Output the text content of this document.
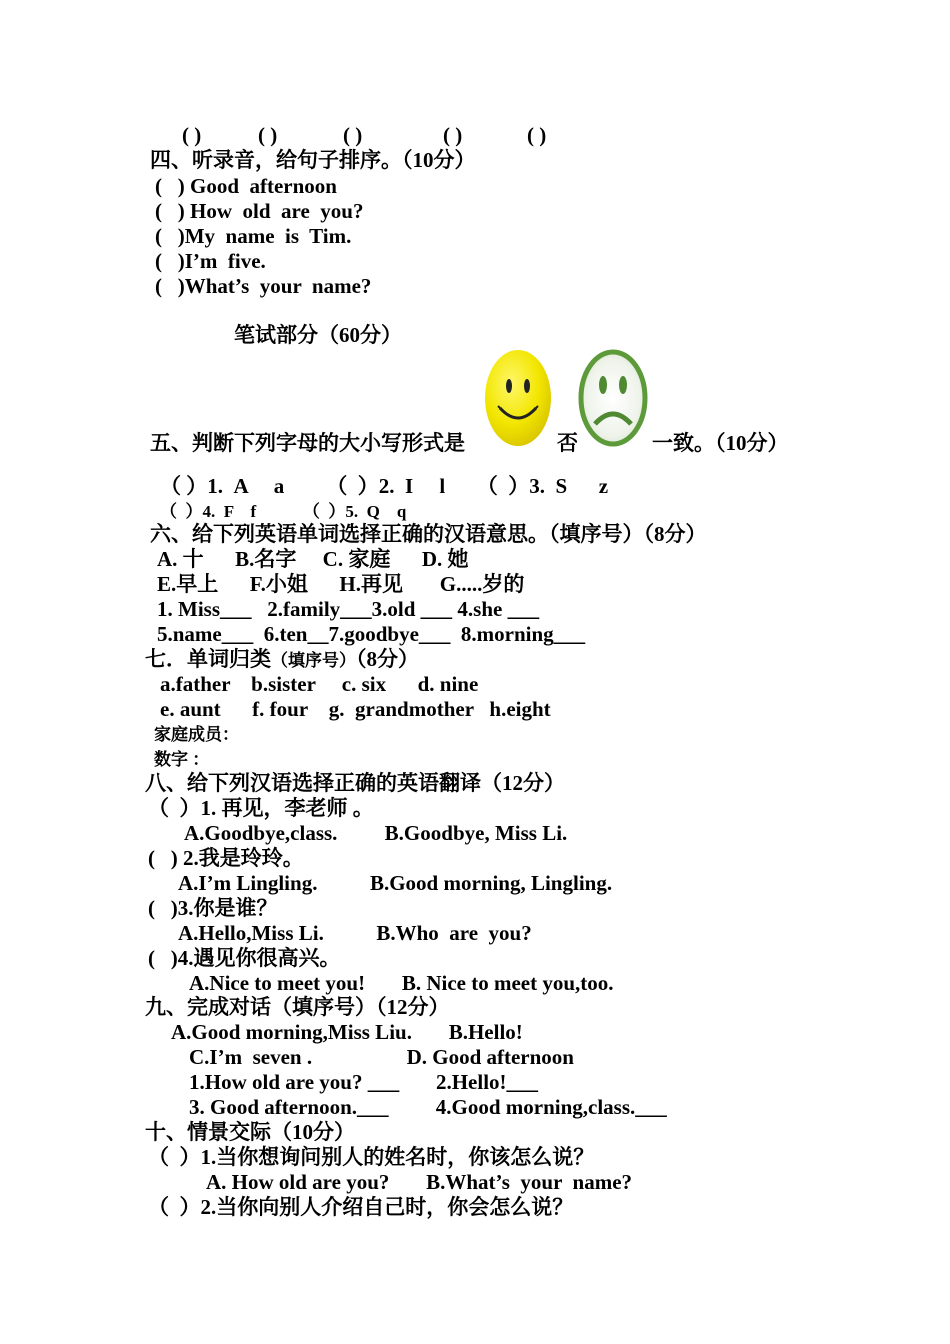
( )	( )	( )	( )	( )
四、听录音，给句子排序。（10分）
(   ) Good  afternoon
(   ) How  old  are  you?
(   )My  name  is  Tim.
(   )I’m  five.
(   )What’s  your  name?
笔试部分（60分）
五、判断下列字母的大小写形式是	否	一致。（10分）
（ ）1.  A     a        （  ）2.  I     l      （  ）3.  S      z
（  ）4.  F    f           （  ）5.  Q    q
六、给下列英语单词选择正确的汉语意思。（填序号）（8分）
A. 十      B.名字     C. 家庭      D. 她
E.早上      F.小姐      H.再见       G.....岁的
1. Miss___   2.family___3.old ___ 4.she ___
5.name___  6.ten__7.goodbye___  8.morning___
七．单词归类（填序号）（8分）
a.father    b.sister     c. six      d. nine
e. aunt      f. four    g.  grandmother   h.eight
家庭成员：
数字 ：
八、给下列汉语选择正确的英语翻译（12分）
（  ）1. 再见，李老师 。
A.Goodbye,class.         B.Goodbye, Miss Li.
(   ) 2.我是玲玲。
A.I’m Lingling.          B.Good morning, Lingling.
(   )3.你是谁？
A.Hello,Miss Li.          B.Who  are  you?
(   )4.遇见你很高兴。
A.Nice to meet you!       B. Nice to meet you,too.
九、完成对话（填序号）（12分）
A.Good morning,Miss Liu.       B.Hello!
C.I’m  seven .                  D. Good afternoon
1.How old are you? ___       2.Hello!___
3. Good afternoon.___         4.Good morning,class.___
十、情景交际（10分）
（  ）1.当你想询问别人的姓名时，你该怎么说？
A. How old are you?       B.What’s  your  name?
（  ）2.当你向别人介绍自己时，你会怎么说？
